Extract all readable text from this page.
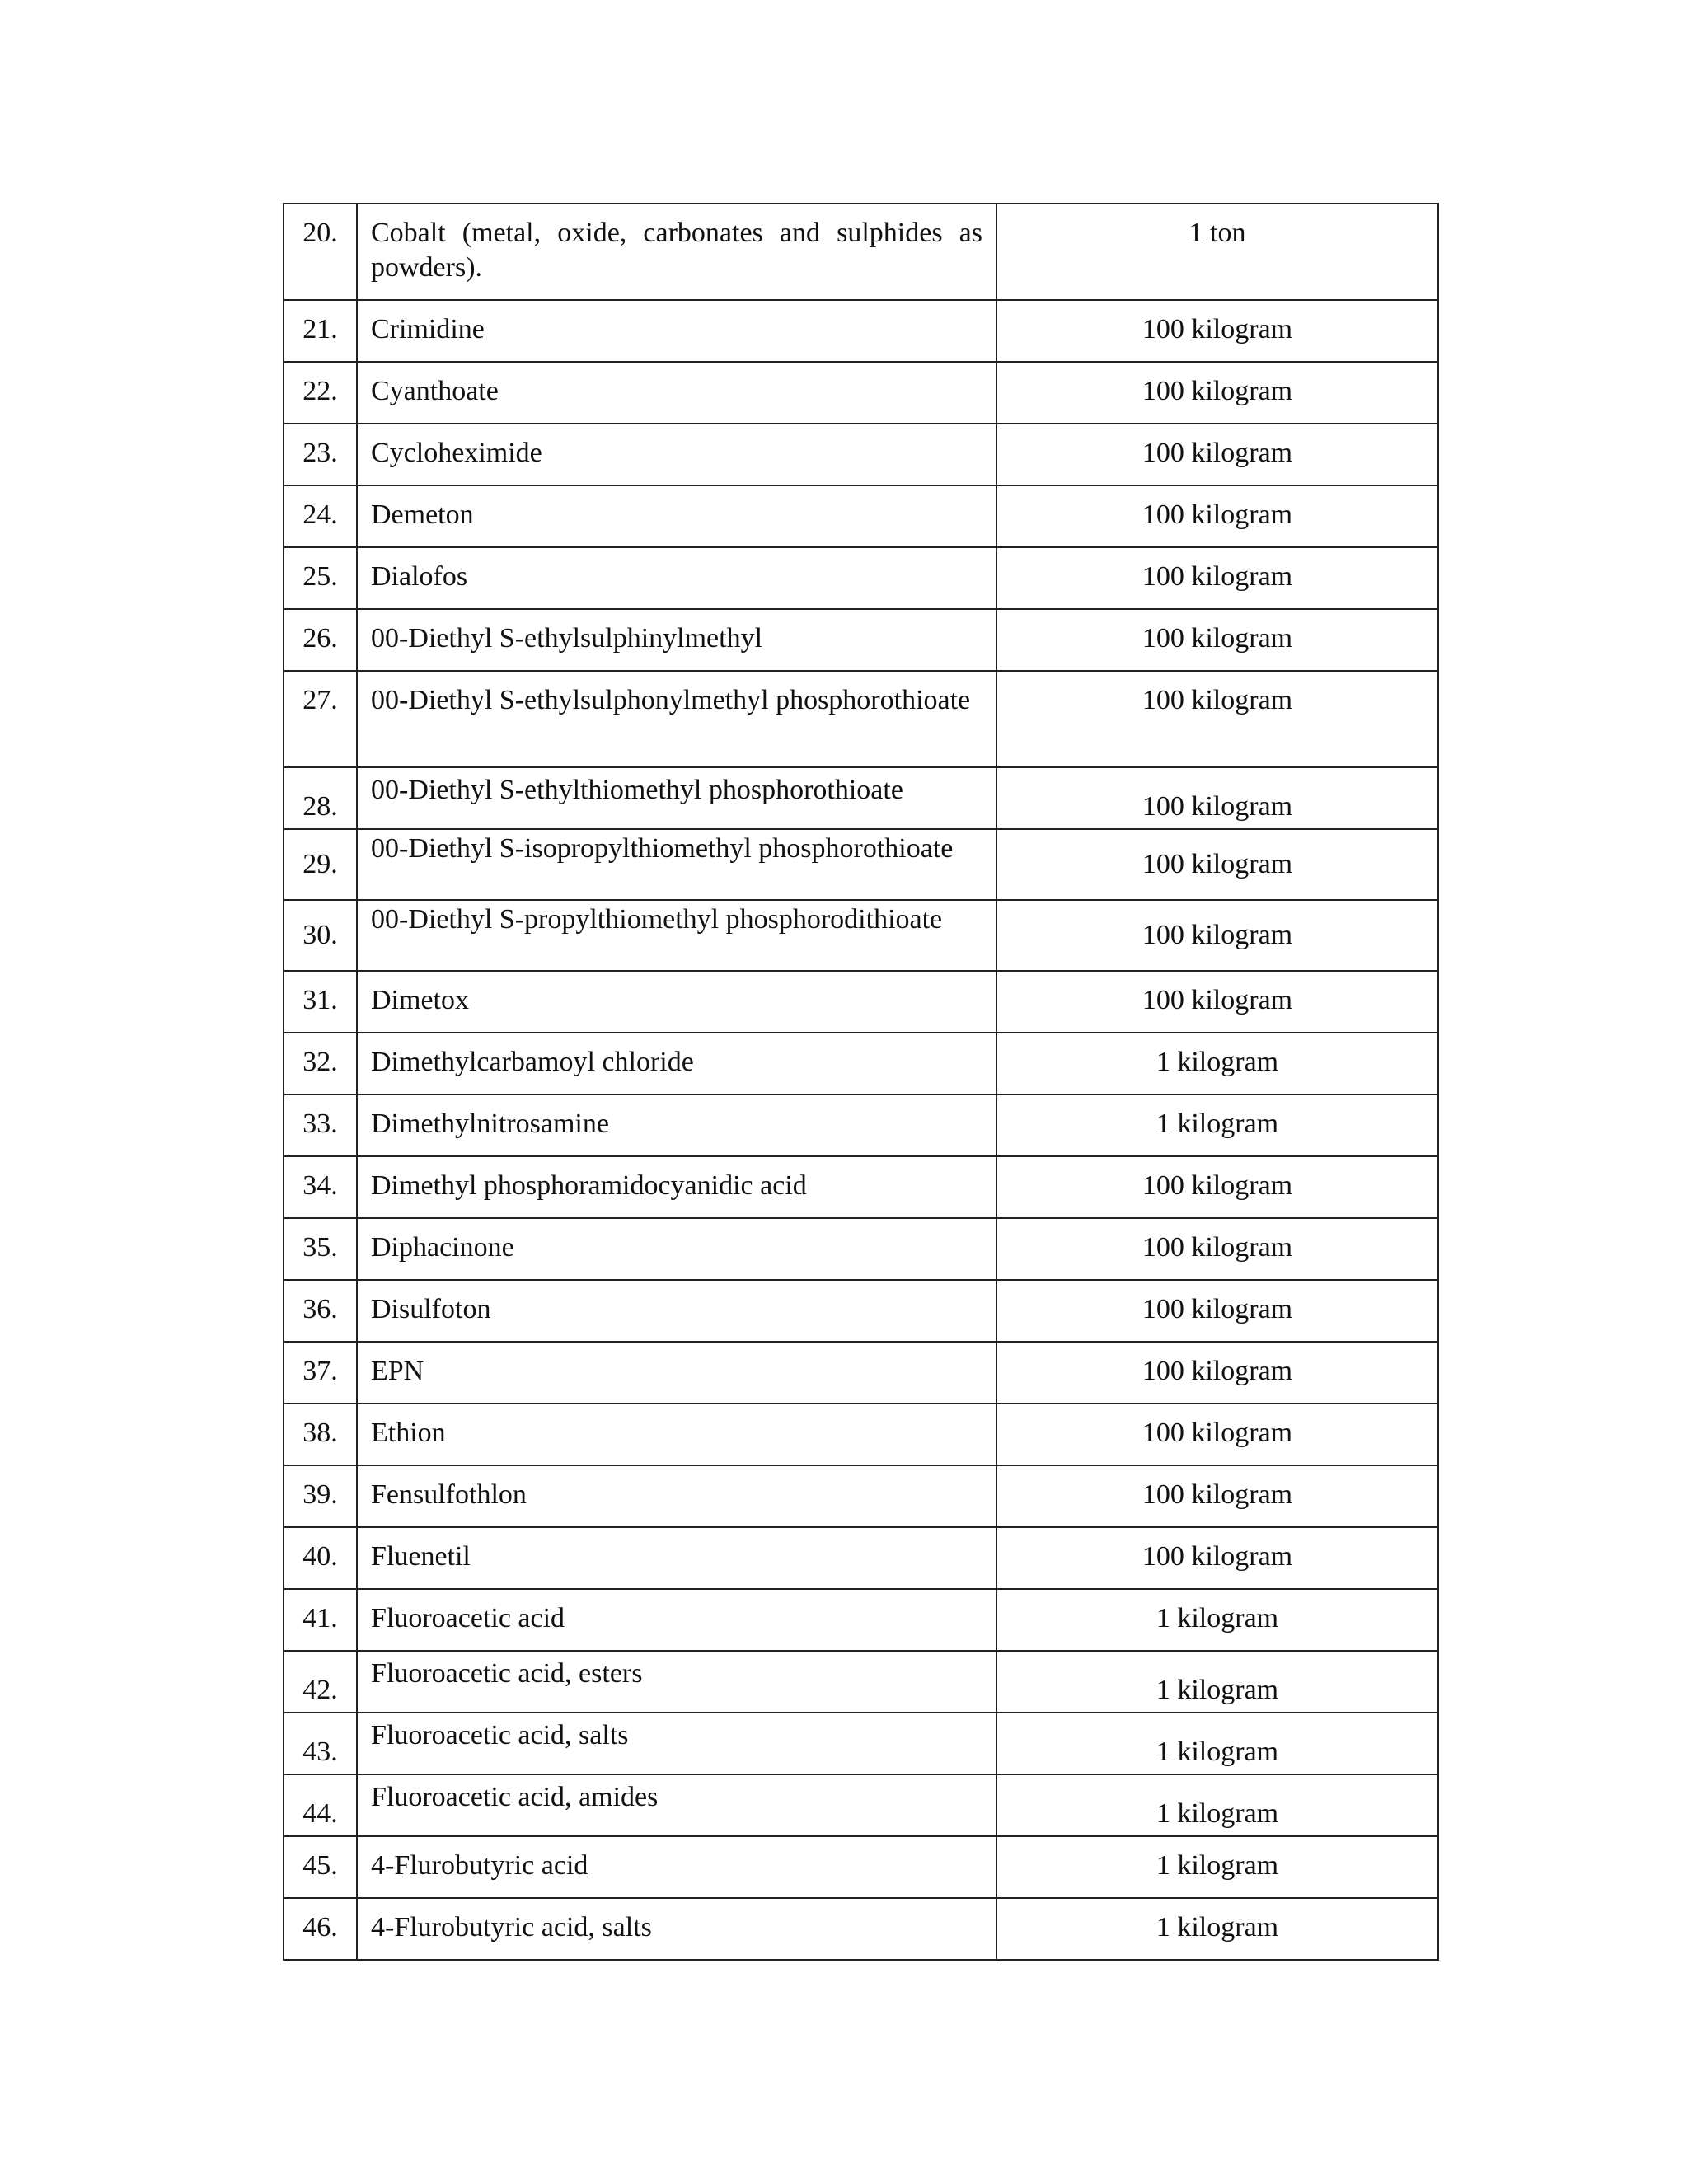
20.	Cobalt (metal, oxide, carbonates and sulphides as powders).	1 ton
21.	Crimidine	100 kilogram
22.	Cyanthoate	100 kilogram
23.	Cycloheximide	100 kilogram
24.	Demeton	100 kilogram
25.	Dialofos	100 kilogram
26.	00-Diethyl S-ethylsulphinylmethyl	100 kilogram
27.	00-Diethyl S-ethylsulphonylmethyl phosphorothioate	100 kilogram
28.	00-Diethyl S-ethylthiomethyl phosphorothioate	100 kilogram
29.	00-Diethyl S-isopropylthiomethyl phosphorothioate	100 kilogram
30.	00-Diethyl S-propylthiomethyl phosphorodithioate	100 kilogram
31.	Dimetox	100 kilogram
32.	Dimethylcarbamoyl chloride	1 kilogram
33.	Dimethylnitrosamine	1 kilogram
34.	Dimethyl phosphoramidocyanidic acid	100 kilogram
35.	Diphacinone	100 kilogram
36.	Disulfoton	100 kilogram
37.	EPN	100 kilogram
38.	Ethion	100 kilogram
39.	Fensulfothlon	100 kilogram
40.	Fluenetil	100 kilogram
41.	Fluoroacetic acid	1 kilogram
42.	Fluoroacetic acid, esters	1 kilogram
43.	Fluoroacetic acid, salts	1 kilogram
44.	Fluoroacetic acid, amides	1 kilogram
45.	4-Flurobutyric acid	1 kilogram
46.	4-Flurobutyric acid, salts	1 kilogram
